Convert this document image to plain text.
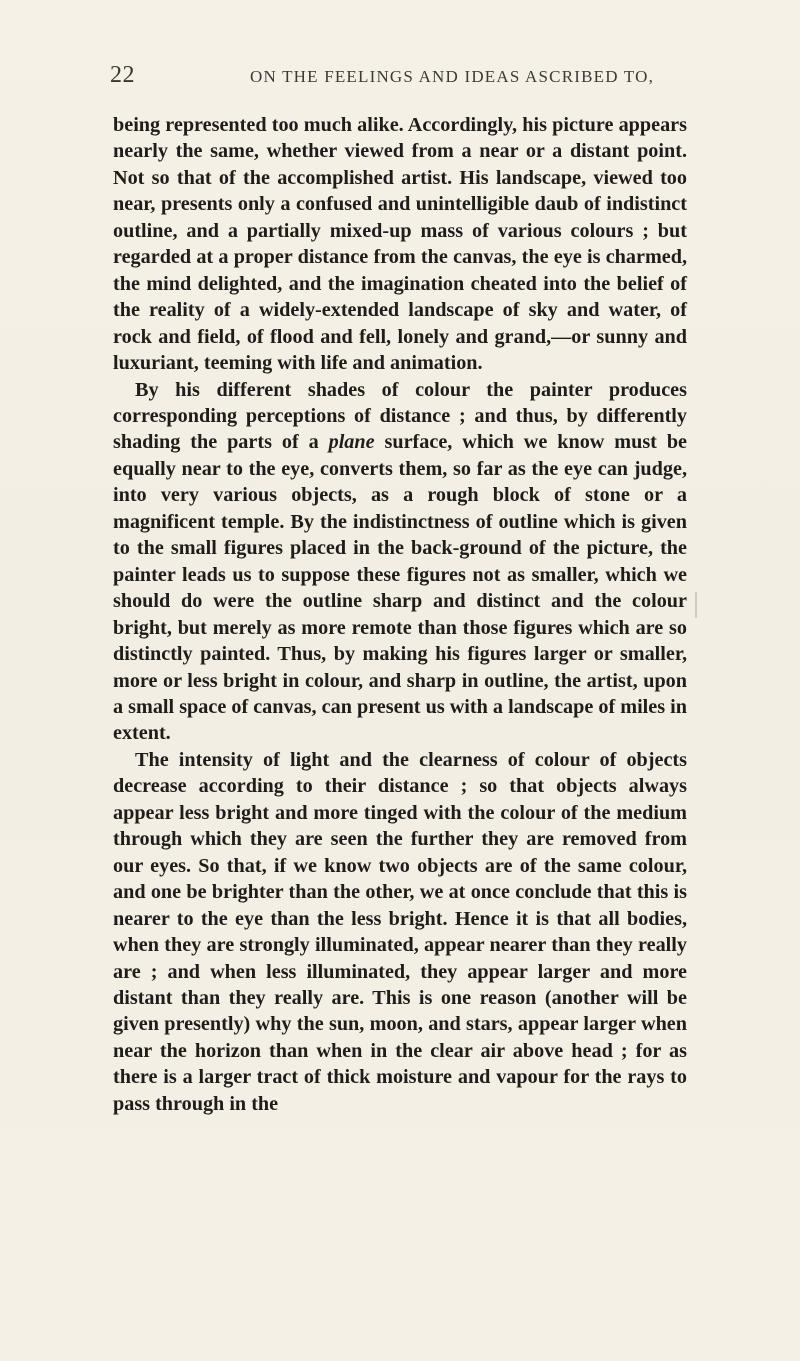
22	ON THE FEELINGS AND IDEAS ASCRIBED TO,

being represented too much alike. Accordingly, his picture appears nearly the same, whether viewed from a near or a distant point. Not so that of the accomplished artist. His landscape, viewed too near, presents only a confused and unintelligible daub of indistinct outline, and a partially mixed-up mass of various colours ; but regarded at a proper distance from the canvas, the eye is charmed, the mind delighted, and the imagination cheated into the belief of the reality of a widely-extended landscape of sky and water, of rock and field, of flood and fell, lonely and grand,—or sunny and luxuriant, teeming with life and animation.

By his different shades of colour the painter produces corresponding perceptions of distance ; and thus, by differently shading the parts of a plane surface, which we know must be equally near to the eye, converts them, so far as the eye can judge, into very various objects, as a rough block of stone or a magnificent temple. By the indistinctness of outline which is given to the small figures placed in the back-ground of the picture, the painter leads us to suppose these figures not as smaller, which we should do were the outline sharp and distinct and the colour bright, but merely as more remote than those figures which are so distinctly painted. Thus, by making his figures larger or smaller, more or less bright in colour, and sharp in outline, the artist, upon a small space of canvas, can present us with a landscape of miles in extent.

The intensity of light and the clearness of colour of objects decrease according to their distance ; so that objects always appear less bright and more tinged with the colour of the medium through which they are seen the further they are removed from our eyes. So that, if we know two objects are of the same colour, and one be brighter than the other, we at once conclude that this is nearer to the eye than the less bright. Hence it is that all bodies, when they are strongly illuminated, appear nearer than they really are ; and when less illuminated, they appear larger and more distant than they really are. This is one reason (another will be given presently) why the sun, moon, and stars, appear larger when near the horizon than when in the clear air above head ; for as there is a larger tract of thick moisture and vapour for the rays to pass through in the
